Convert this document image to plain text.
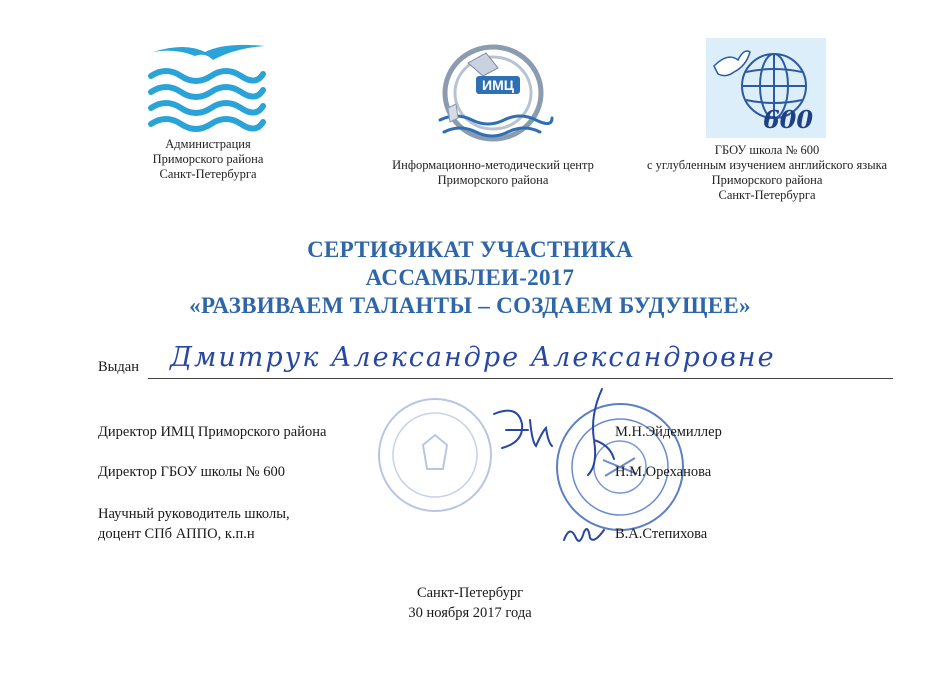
Администрация
Приморского района
Санкт-Петербурга
ИМЦ
Информационно-методический центр
Приморского района
600
ГБОУ школа № 600
с углубленным изучением английского языка
Приморского района
Санкт-Петербурга
СЕРТИФИКАТ УЧАСТНИКА
АССАМБЛЕИ-2017
«РАЗВИВАЕМ ТАЛАНТЫ – СОЗДАЕМ БУДУЩЕЕ»
Выдан Дмитрук Александре Александровне
Директор ИМЦ Приморского района	М.Н.Эйдемиллер
Директор ГБОУ школы № 600	Н.М.Ореханова
Научный руководитель школы,
доцент СПб АППО, к.п.н	В.А.Степихова
Санкт-Петербург
30 ноября 2017 года
